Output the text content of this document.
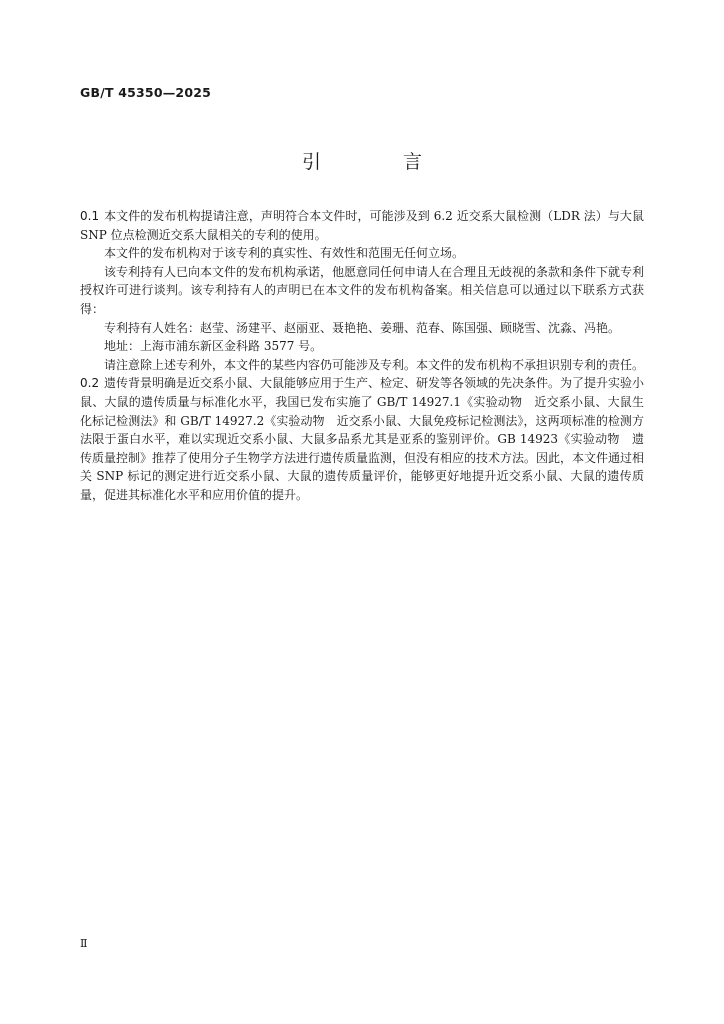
GB/T 45350—2025
引 言

0.1 本文件的发布机构提请注意，声明符合本文件时，可能涉及到 6.2 近交系大鼠检测（LDR 法）与大鼠 SNP 位点检测近交系大鼠相关的专利的使用。

本文件的发布机构对于该专利的真实性、有效性和范围无任何立场。

该专利持有人已向本文件的发布机构承诺，他愿意同任何申请人在合理且无歧视的条款和条件下就专利授权许可进行谈判。该专利持有人的声明已在本文件的发布机构备案。相关信息可以通过以下联系方式获得：

专利持有人姓名：赵莹、汤建平、赵丽亚、聂艳艳、姜珊、范春、陈国强、顾晓雪、沈淼、冯艳。

地址：上海市浦东新区金科路 3577 号。

请注意除上述专利外，本文件的某些内容仍可能涉及专利。本文件的发布机构不承担识别专利的责任。

0.2 遗传背景明确是近交系小鼠、大鼠能够应用于生产、检定、研发等各领域的先决条件。为了提升实验小鼠、大鼠的遗传质量与标准化水平，我国已发布实施了 GB/T 14927.1《实验动物　近交系小鼠、大鼠生化标记检测法》和 GB/T 14927.2《实验动物　近交系小鼠、大鼠免疫标记检测法》，这两项标准的检测方法限于蛋白水平，难以实现近交系小鼠、大鼠多品系尤其是亚系的鉴别评价。GB 14923《实验动物　遗传质量控制》推荐了使用分子生物学方法进行遗传质量监测，但没有相应的技术方法。因此，本文件通过相关 SNP 标记的测定进行近交系小鼠、大鼠的遗传质量评价，能够更好地提升近交系小鼠、大鼠的遗传质量，促进其标准化水平和应用价值的提升。

Ⅱ
